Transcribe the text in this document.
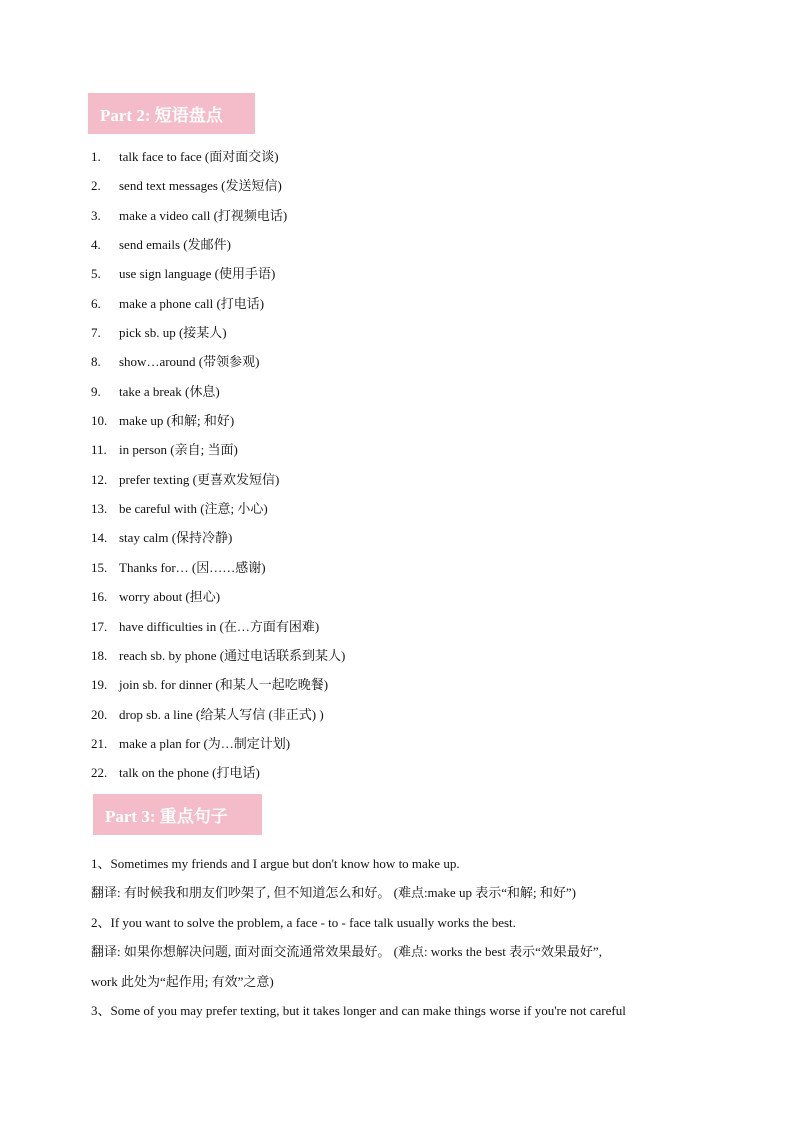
Part 2: 短语盘点
1.	talk face to face (面对面交谈)
2.	send text messages (发送短信)
3.	make a video call (打视频电话)
4.	send emails (发邮件)
5.	use sign language (使用手语)
6.	make a phone call (打电话)
7.	pick sb. up (接某人)
8.	show…around (带领参观)
9.	take a break (休息)
10. make up (和解; 和好)
11. in person (亲自; 当面)
12. prefer texting (更喜欢发短信)
13. be careful with (注意; 小心)
14. stay calm (保持冷静)
15. Thanks for… (因……感谢)
16. worry about (担心)
17. have difficulties in (在…方面有困难)
18. reach sb. by phone (通过电话联系到某人)
19. join sb. for dinner (和某人一起吃晚餐)
20. drop sb. a line (给某人写信 (非正式) )
21. make a plan for (为…制定计划)
22. talk on the phone (打电话)
Part 3: 重点句子
1、Sometimes my friends and I argue but don't know how to make up.
翻译: 有时候我和朋友们吵架了, 但不知道怎么和好。 (难点:make up 表示“和解; 和好”)
2、If you want to solve the problem, a face - to - face talk usually works the best.
翻译: 如果你想解决问题, 面对面交流通常效果最好。 (难点: works the best 表示“效果最好”,
work 此处为“起作用; 有效”之意)
3、Some of you may prefer texting, but it takes longer and can make things worse if you're not careful
